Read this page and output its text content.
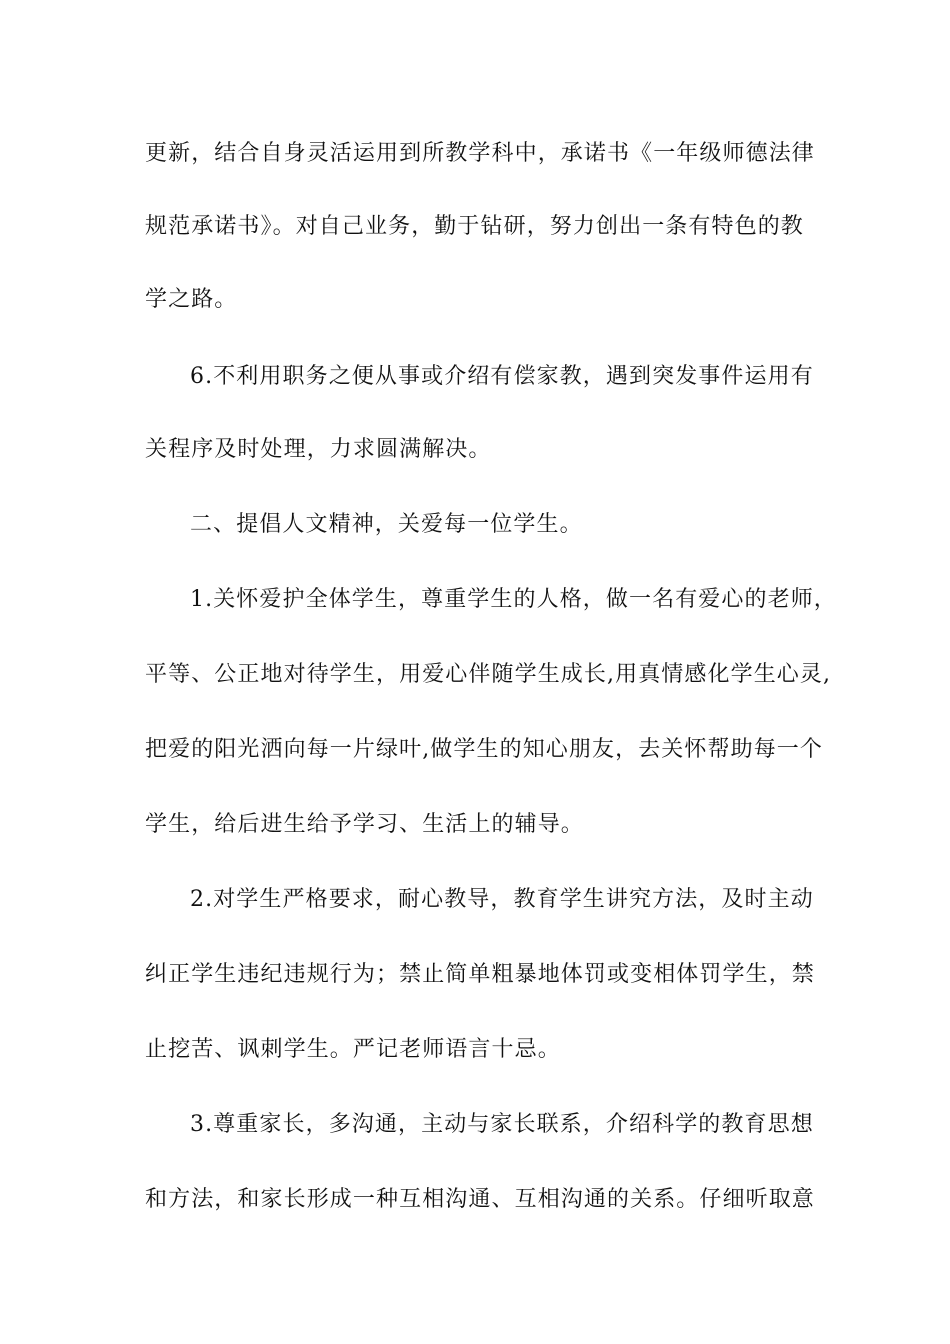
更新，结合自身灵活运用到所教学科中，承诺书《一年级师德法律
规范承诺书》。对自己业务，勤于钻研，努力创出一条有特色的教
学之路。
6.不利用职务之便从事或介绍有偿家教，遇到突发事件运用有
关程序及时处理，力求圆满解决。
二、提倡人文精神，关爱每一位学生。
1.关怀爱护全体学生，尊重学生的人格，做一名有爱心的老师，
平等、公正地对待学生，用爱心伴随学生成长,用真情感化学生心灵,
把爱的阳光洒向每一片绿叶,做学生的知心朋友，去关怀帮助每一个
学生，给后进生给予学习、生活上的辅导。
2.对学生严格要求，耐心教导，教育学生讲究方法，及时主动
纠正学生违纪违规行为；禁止简单粗暴地体罚或变相体罚学生，禁
止挖苦、讽刺学生。严记老师语言十忌。
3.尊重家长，多沟通，主动与家长联系，介绍科学的教育思想
和方法，和家长形成一种互相沟通、互相沟通的关系。仔细听取意
